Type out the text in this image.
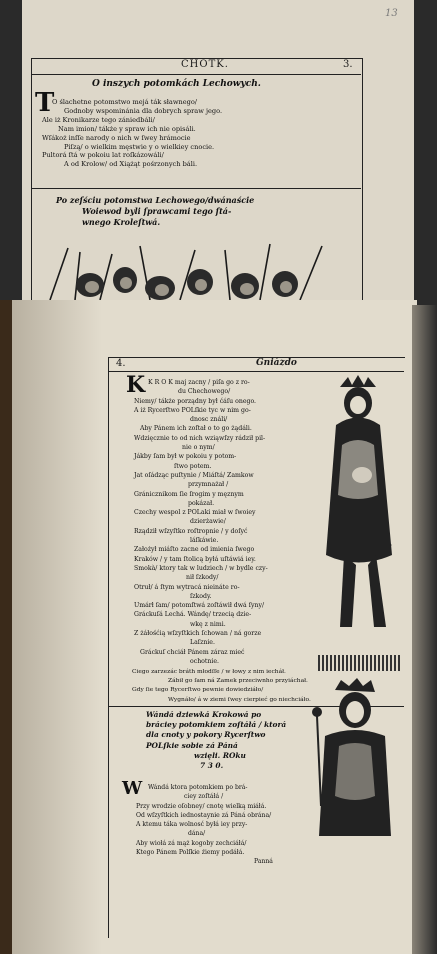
13
CHOTK.	3.
O inszych potomkách Lechowych.
T
O ślachetne potomstwo mejá ták sławnego/
Godnoby wspominánia dla dobrych spraw jego.
Ale iż Kronikarze tego zániedbáli/
Nam imion/ tákże y spraw ich nie opisáli.
Wſákoż inſſe narody o nich w ſwey hrámocie
Piſzą/ o wielkim męstwie y o wielkiey cnocie.
Pultorá ſtá w pokoiu lat roſkázowáli/
A od Krolow/ od Xiążąt pośrzonych báli.
Po zeſściu potomstwa Lechowego/dwánaście
Woiewod byli ſprawcami tego ſtá-
wnego Kroleſtwá.
4.	Gniázdo
K K R O K maj zacny / piſa go z ro-
du Chechowego/
Niemy/ tákże porządny był ćáſu onego.
A iż Rycerſtwo POLſkie tyc w nim go-
dnosc ználi/
Aby Pánem ich zoſtał o to go żądáli.
Wdzięcznie to od nich wziąwſzy rádził pil-
nie o nym/
Jákby ſam był w pokoiu y potom-
ſtwo potem.
Jat oſádząc puſtynie / Miáſtá/ Zamkow
przymnażał /
Gránicznikom ſie ſrogim y męznym
pokázał.
Czechy wespol z POLaki miał w ſwoiey
dzierżawie/
Rządził wſzyſtko roſtropnie / y doſyć
láſkáwie.
Założył miáſto zacne od imienia ſwego
Kraków / y tam ſtolicą byłá uſtáwiá iey.
Smokà/ ktory tak w ludziech / w bydle czy-
nił ſzkody/
Otruł/ á ſtym wytracá nieináte ro-
ſzkody.
Umárł ſam/ potomſtwá zoſtáwił dwá ſyny/
Gráckuſá Lechá. Wándę/ trzecią dzie-
wkę z nimi.
Z żáłośćią wſzyſtkich ſchowan / ná gorze
Laſznie.
Gráckuſ chciáł Pánem záraz mieć
ochotnie.
Ciego zarzezác bráth młodſſe / w łowy z nim iecháł.
Zábił go ſam ná Zamek przeciwnho przyiáchał.
Gdy ſie tego Rycerſtwo pewnie dowiedziáło/
Wygnáło/ á w ziemi ſwey cierpieć go niechciáło.
Wándá dziewká Krokowá po
bráciey potomkiem zoſtáłá / ktorá
dla cnoty y pokory Rycerſtwo
POLſkie sobie zá Páná
wzięli. ROku
7 3 0.
W Wándá ktora potomkiem po brá-
ciey zoſtáłá /
Przy wrodzie oſobney/ cnotę wielką miáłá.
Od wſzyſtkich iednostaynie zá Páná obrána/
A ktemu táka wolnosć byłá iey przy-
dána/
Aby wiołá zá mąż kogoby zechciáłá/
Ktego Pánem Polſkie źiemy podáłá.
Panná
